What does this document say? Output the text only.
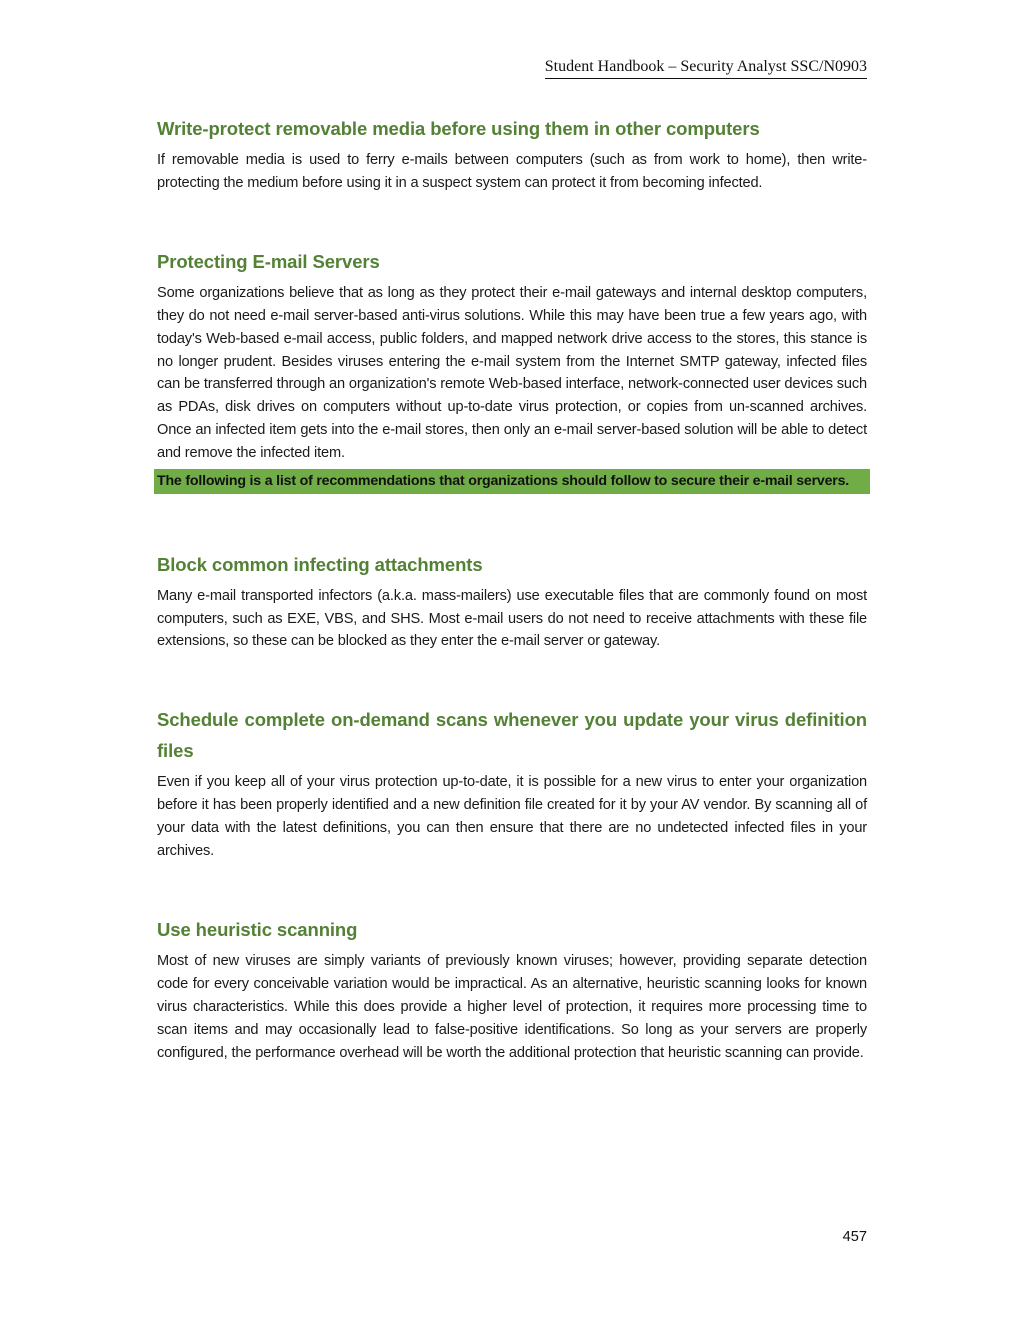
Student Handbook – Security Analyst SSC/N0903
Write-protect removable media before using them in other computers

If removable media is used to ferry e-mails between computers (such as from work to home), then write-protecting the medium before using it in a suspect system can protect it from becoming infected.

Protecting E-mail Servers

Some organizations believe that as long as they protect their e-mail gateways and internal desktop computers, they do not need e-mail server-based anti-virus solutions. While this may have been true a few years ago, with today's Web-based e-mail access, public folders, and mapped network drive access to the stores, this stance is no longer prudent. Besides viruses entering the e-mail system from the Internet SMTP gateway, infected files can be transferred through an organization's remote Web-based interface, network-connected user devices such as PDAs, disk drives on computers without up-to-date virus protection, or copies from un-scanned archives. Once an infected item gets into the e-mail stores, then only an e-mail server-based solution will be able to detect and remove the infected item.

The following is a list of recommendations that organizations should follow to secure their e-mail servers.
Block common infecting attachments

Many e-mail transported infectors (a.k.a. mass-mailers) use executable files that are commonly found on most computers, such as EXE, VBS, and SHS. Most e-mail users do not need to receive attachments with these file extensions, so these can be blocked as they enter the e-mail server or gateway.

Schedule complete on-demand scans whenever you update your virus definition files

Even if you keep all of your virus protection up-to-date, it is possible for a new virus to enter your organization before it has been properly identified and a new definition file created for it by your AV vendor. By scanning all of your data with the latest definitions, you can then ensure that there are no undetected infected files in your archives.

Use heuristic scanning

Most of new viruses are simply variants of previously known viruses; however, providing separate detection code for every conceivable variation would be impractical. As an alternative, heuristic scanning looks for known virus characteristics. While this does provide a higher level of protection, it requires more processing time to scan items and may occasionally lead to false-positive identifications. So long as your servers are properly configured, the performance overhead will be worth the additional protection that heuristic scanning can provide.

457
